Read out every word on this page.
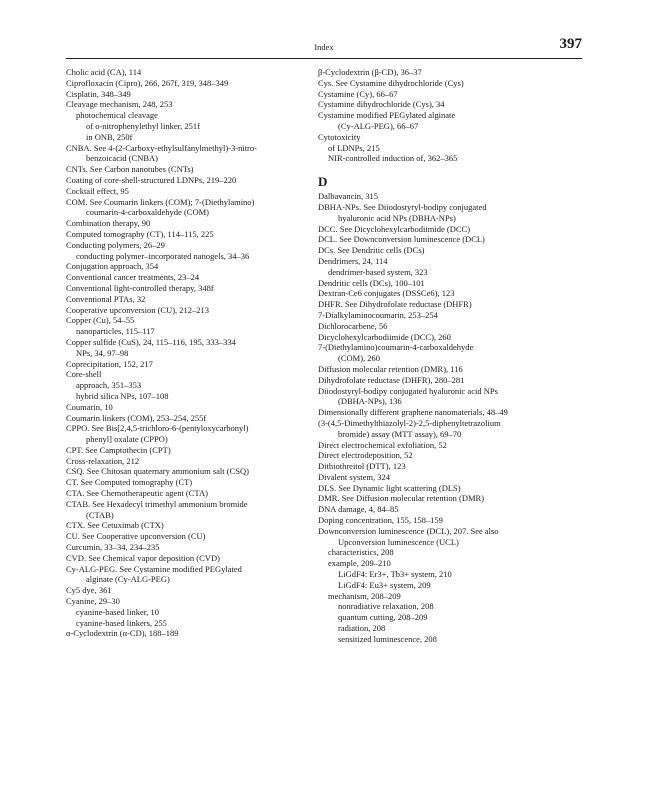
Index	397
Cholic acid (CA), 114
Ciprofloxacin (Cipro), 266, 267f, 319, 348–349
Cisplatin, 348–349
Cleavage mechanism, 248, 253
photochemical cleavage
of o-nitrophenylethyl linker, 251f
in ONB, 250f
CNBA. See 4-(2-Carboxy-ethylsulfanylmethyl)-3-nitro-
benzoicacid (CNBA)
CNTs. See Carbon nanotubes (CNTs)
Coating of core-shell-structured LDNPs, 219–220
Cocktail effect, 95
COM. See Coumarin linkers (COM); 7-(Diethylamino)
coumarin-4-carboxaldehyde (COM)
Combination therapy, 90
Computed tomography (CT), 114–115, 225
Conducting polymers, 26–29
conducting polymer–incorporated nanogels, 34–36
Conjugation approach, 354
Conventional cancer treatments, 23–24
Conventional light-controlled therapy, 348f
Conventional PTAs, 32
Cooperative upconversion (CU), 212–213
Copper (Cu), 54–55
nanoparticles, 115–117
Copper sulfide (CuS), 24, 115–116, 195, 333–334
NPs, 34, 97–98
Coprecipitation, 152, 217
Core-shell
approach, 351–353
hybrid silica NPs, 107–108
Coumarin, 10
Coumarin linkers (COM), 253–254, 255f
CPPO. See Bis[2,4,5-trichloro-6-(pentyloxycarbonyl)
phenyl] oxalate (CPPO)
CPT. See Camptothecin (CPT)
Cross-relaxation, 212
CSQ. See Chitosan quaternary ammonium salt (CSQ)
CT. See Computed tomography (CT)
CTA. See Chemotherapeutic agent (CTA)
CTAB. See Hexadecyl trimethyl ammonium bromide
(CTAB)
CTX. See Cetuximab (CTX)
CU. See Cooperative upconversion (CU)
Curcumin, 33–34, 234–235
CVD. See Chemical vapor deposition (CVD)
Cy-ALG-PEG. See Cystamine modified PEGylated
alginate (Cy-ALG-PEG)
Cy5 dye, 361
Cyanine, 29–30
cyanine-based linker, 10
cyanine-based linkers, 255
α-Cyclodextrin (α-CD), 188–189
β-Cyclodextrin (β-CD), 36–37
Cys. See Cystamine dihydrochloride (Cys)
Cystamine (Cy), 66–67
Cystamine dihydrochloride (Cys), 34
Cystamine modified PEGylated alginate
(Cy-ALG-PEG), 66–67
Cytotoxicity
of LDNPs, 215
NIR-controlled induction of, 362–365
D
Dalbavancin, 315
DBHA-NPs. See Diiodostyryl-bodipy conjugated
hyaluronic acid NPs (DBHA-NPs)
DCC. See Dicyclohexylcarbodiimide (DCC)
DCL. See Downconversion luminescence (DCL)
DCs. See Dendritic cells (DCs)
Dendrimers, 24, 114
dendrimer-based system, 323
Dendritic cells (DCs), 100–101
Dextran-Ce6 conjugates (DSSCe6), 123
DHFR. See Dihydrofolate reductase (DHFR)
7-Dialkylaminocoumarin, 253–254
Dichlorocarbene, 56
Dicyclohexylcarbodiimide (DCC), 260
7-(Diethylamino)coumarin-4-carboxaldehyde
(COM), 260
Diffusion molecular retention (DMR), 116
Dihydrofolate reductase (DHFR), 280–281
Diiodostyryl-bodipy conjugated hyaluronic acid NPs
(DBHA-NPs), 136
Dimensionally different graphene nanomaterials, 48–49
(3-(4,5-Dimethylthiazolyl-2)-2,5-diphenyltetrazolium
bromide) assay (MTT assay), 69–70
Direct electrochemical exfoliation, 52
Direct electrodeposition, 52
Dithiothreitol (DTT), 123
Divalent system, 324
DLS. See Dynamic light scattering (DLS)
DMR. See Diffusion molecular retention (DMR)
DNA damage, 4, 84–85
Doping concentration, 155, 158–159
Downconversion luminescence (DCL), 207. See also
Upconversion luminescence (UCL)
characteristics, 208
example, 209–210
LiGdF4: Er3+, Tb3+ system, 210
LiGdF4: Eu3+ system, 209
mechanism, 208–209
nonradiative relaxation, 208
quantum cutting, 208–209
radiation, 208
sensitized luminescence, 208
